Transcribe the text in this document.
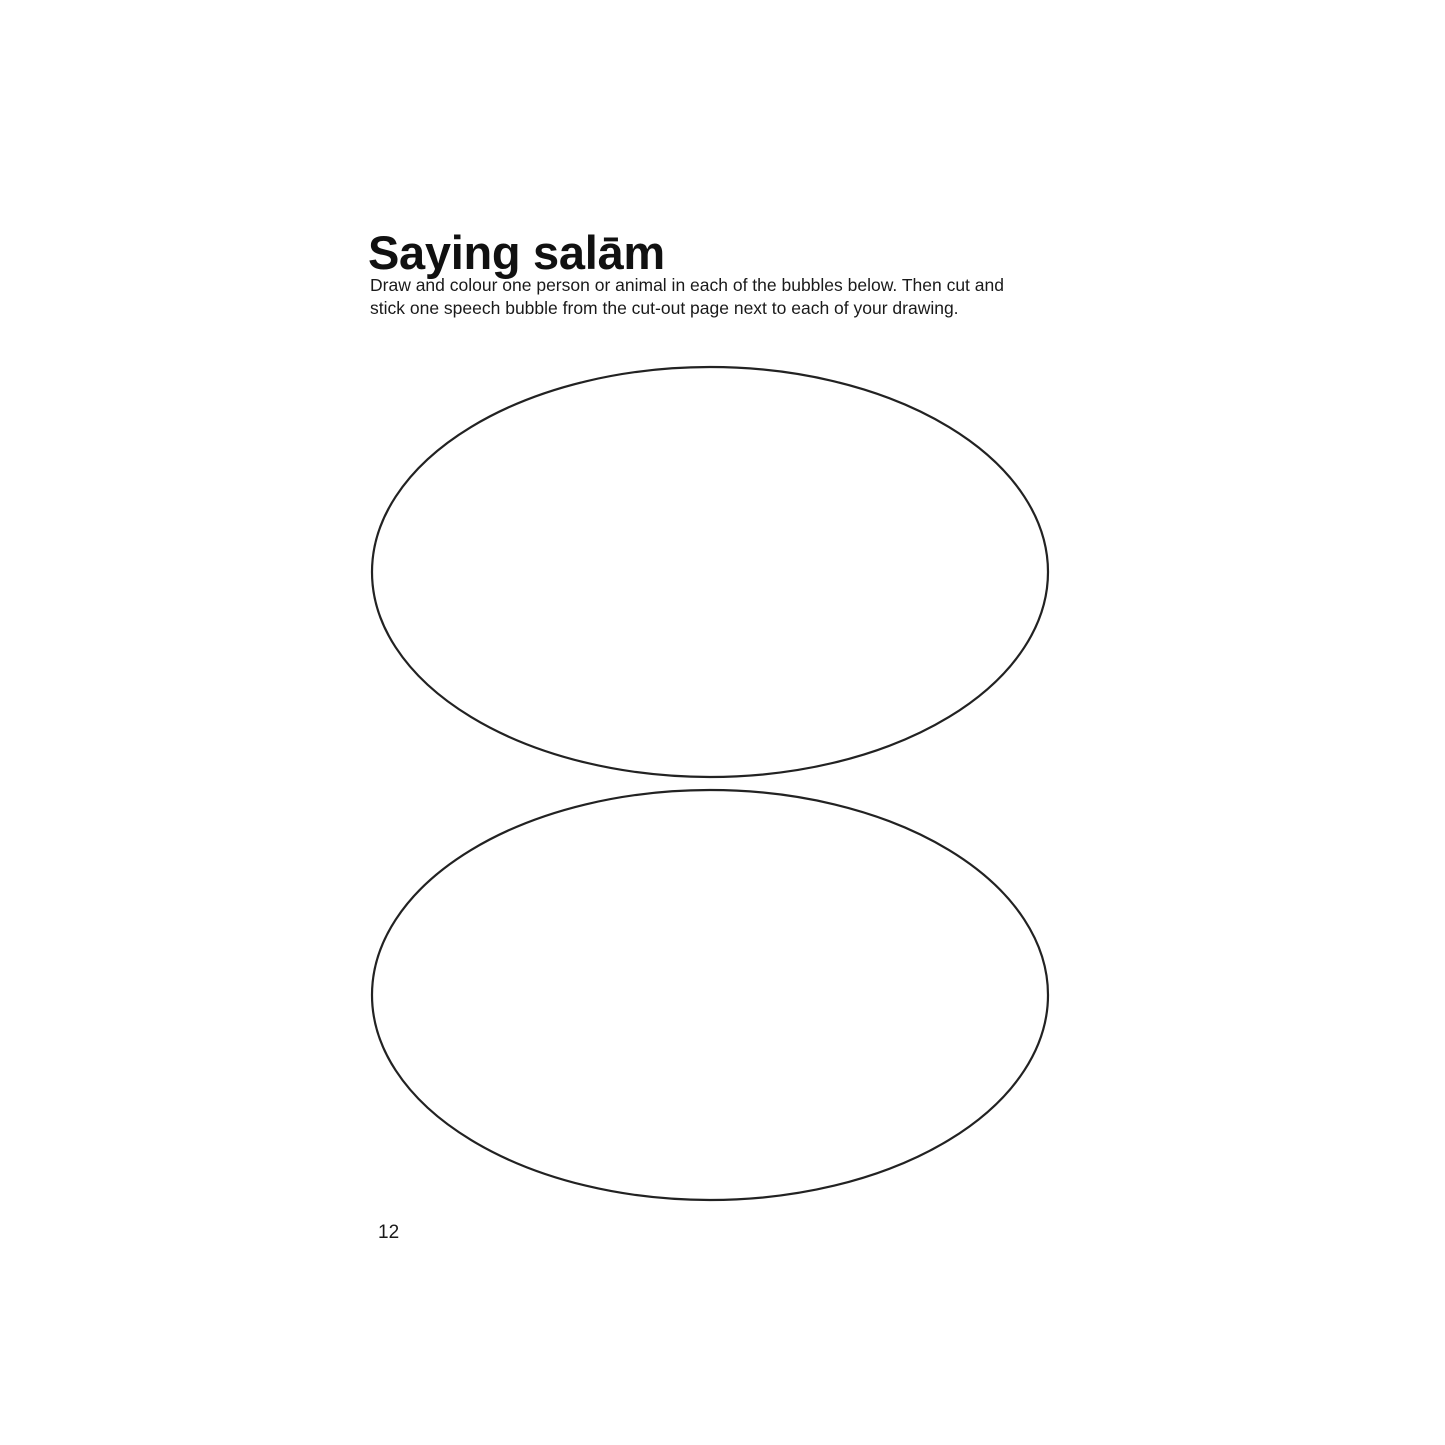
Saying salām
Draw and colour one person or animal in each of the bubbles below. Then cut and
stick one speech bubble from the cut-out page next to each of your drawing.
12
